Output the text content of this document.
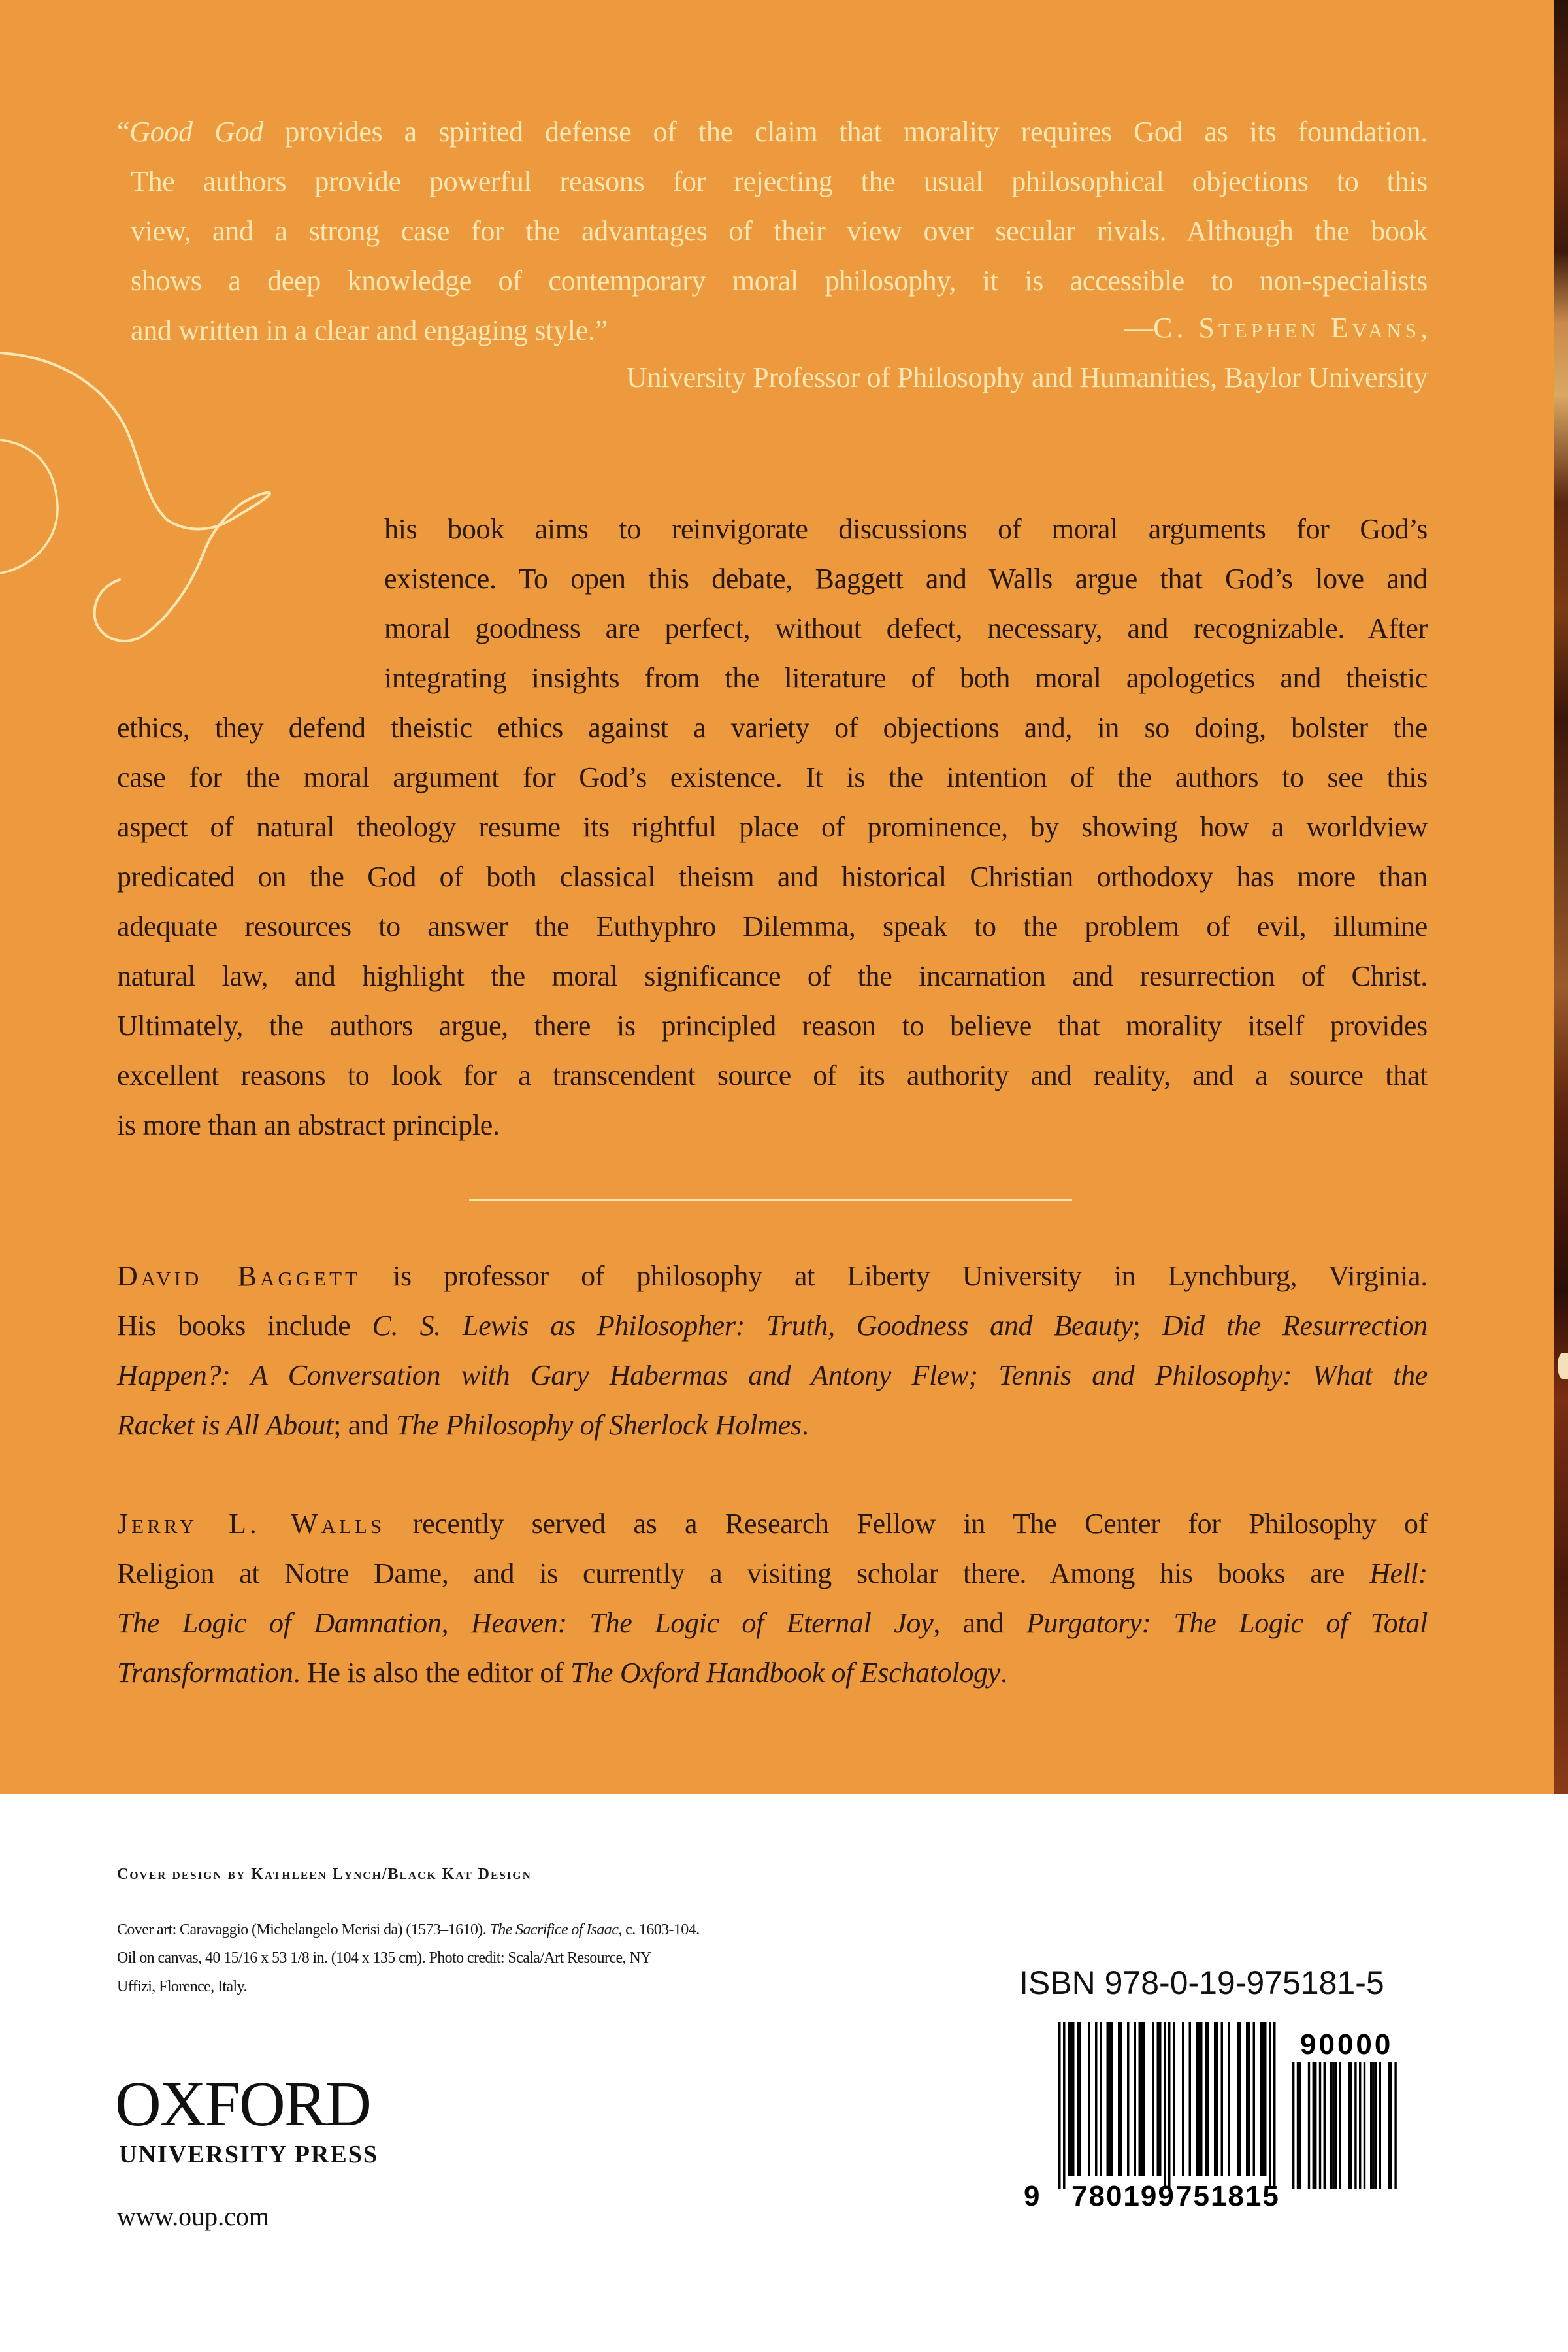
“Good God provides a spirited defense of the claim that morality requires God as its foundation.
The authors provide powerful reasons for rejecting the usual philosophical objections to this
view, and a strong case for the advantages of their view over secular rivals. Although the book
shows a deep knowledge of contemporary moral philosophy, it is accessible to non-specialists
and written in a clear and engaging style.”	—C. Stephen Evans,
University Professor of Philosophy and Humanities, Baylor University
his book aims to reinvigorate discussions of moral arguments for God’s
existence. To open this debate, Baggett and Walls argue that God’s love and
moral goodness are perfect, without defect, necessary, and recognizable. After
integrating insights from the literature of both moral apologetics and theistic
ethics, they defend theistic ethics against a variety of objections and, in so doing, bolster the
case for the moral argument for God’s existence. It is the intention of the authors to see this
aspect of natural theology resume its rightful place of prominence, by showing how a worldview
predicated on the God of both classical theism and historical Christian orthodoxy has more than
adequate resources to answer the Euthyphro Dilemma, speak to the problem of evil, illumine
natural law, and highlight the moral significance of the incarnation and resurrection of Christ.
Ultimately, the authors argue, there is principled reason to believe that morality itself provides
excellent reasons to look for a transcendent source of its authority and reality, and a source that
is more than an abstract principle.
David Baggett is professor of philosophy at Liberty University in Lynchburg, Virginia.
His books include C. S. Lewis as Philosopher: Truth, Goodness and Beauty; Did the Resurrection
Happen?: A Conversation with Gary Habermas and Antony Flew; Tennis and Philosophy: What the
Racket is All About; and The Philosophy of Sherlock Holmes.
Jerry L. Walls recently served as a Research Fellow in The Center for Philosophy of
Religion at Notre Dame, and is currently a visiting scholar there. Among his books are Hell:
The Logic of Damnation, Heaven: The Logic of Eternal Joy, and Purgatory: The Logic of Total
Transformation. He is also the editor of The Oxford Handbook of Eschatology.
Cover design by Kathleen Lynch/Black Kat Design
Cover art: Caravaggio (Michelangelo Merisi da) (1573–1610). The Sacrifice of Isaac, c. 1603-104.
Oil on canvas, 40 15/16 x 53 1/8 in. (104 x 135 cm). Photo credit: Scala/Art Resource, NY
Uffizi, Florence, Italy.
OXFORD
UNIVERSITY PRESS
www.oup.com
ISBN 978-0-19-975181-5
9 780199 751815
90000
